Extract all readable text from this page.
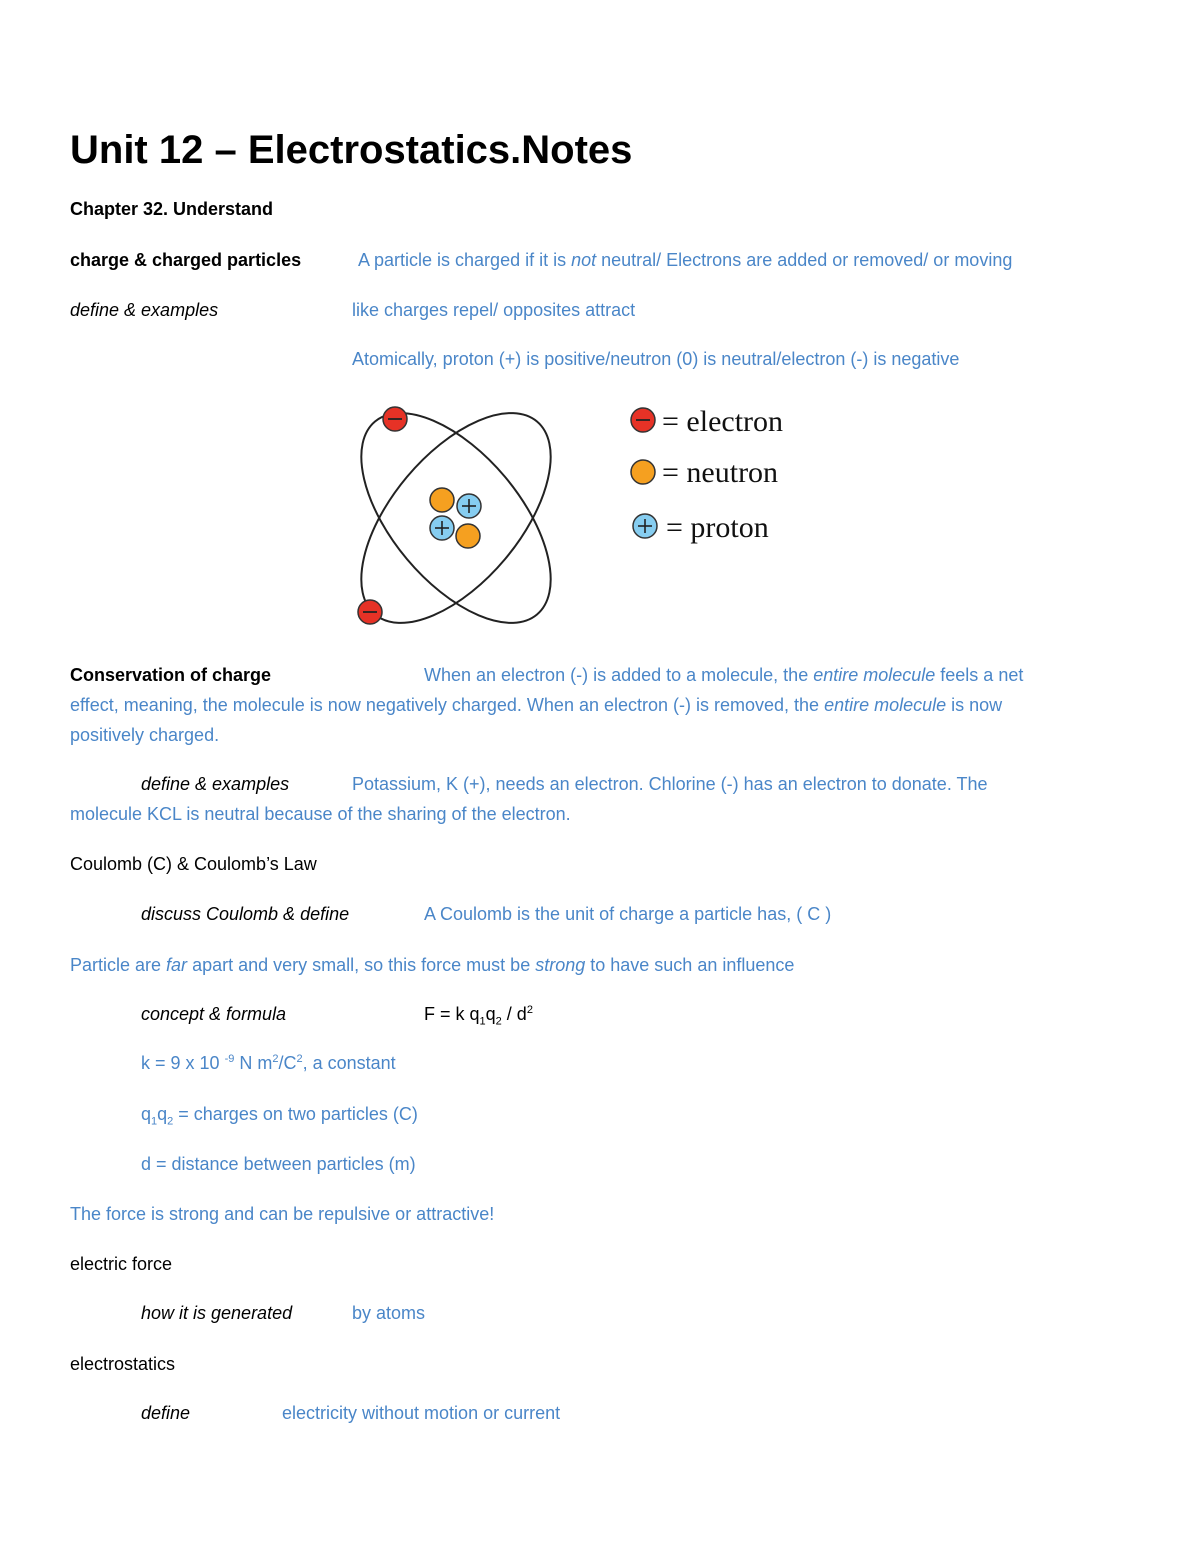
Unit 12 – Electrostatics.Notes
Chapter 32. Understand
charge & charged particles	A particle is charged if it is not neutral/ Electrons are added or removed/ or moving
define & examples	like charges repel/ opposites attract
Atomically, proton (+) is positive/neutron (0) is neutral/electron (-) is negative
= electron
= neutron
= proton
Conservation of charge	When an electron (-) is added to a molecule, the entire molecule feels a net
effect, meaning, the molecule is now negatively charged. When an electron (-) is removed, the entire molecule is now
positively charged.
define & examples	Potassium, K (+), needs an electron. Chlorine (-) has an electron to donate. The
molecule KCL is neutral because of the sharing of the electron.
Coulomb (C) & Coulomb’s Law
discuss Coulomb & define	A Coulomb is the unit of charge a particle has, ( C )
Particle are far apart and very small, so this force must be strong to have such an influence
concept & formula	F = k $q_1q_2 / d^2$
k = 9 x 10 $^{-9}$ N $m^2/C^2$, a constant
$q_1q_2$ = charges on two particles (C)
d = distance between particles (m)
The force is strong and can be repulsive or attractive!
electric force
how it is generated	by atoms
electrostatics
define	electricity without motion or current
